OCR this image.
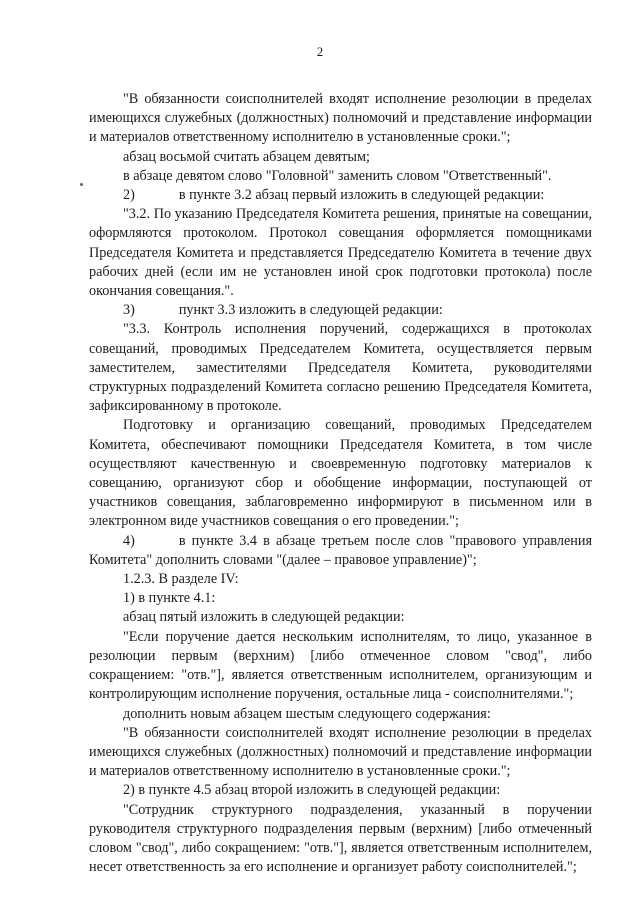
2

"В обязанности соисполнителей входят исполнение резолюции в пределах имеющихся служебных (должностных) полномочий и представление информации и материалов ответственному исполнителю в установленные сроки.";

абзац восьмой считать абзацем девятым;

в абзаце девятом слово "Головной" заменить словом "Ответственный".

2)	в пункте 3.2 абзац первый изложить в следующей редакции:

"3.2. По указанию Председателя Комитета решения, принятые на совещании, оформляются протоколом. Протокол совещания оформляется помощниками Председателя Комитета и представляется Председателю Комитета в течение двух рабочих дней (если им не установлен иной срок подготовки протокола) после окончания совещания.".

3)	пункт 3.3 изложить в следующей редакции:

"3.3. Контроль исполнения поручений, содержащихся в протоколах совещаний, проводимых Председателем Комитета, осуществляется первым заместителем, заместителями Председателя Комитета, руководителями структурных подразделений Комитета согласно решению Председателя Комитета, зафиксированному в протоколе.

Подготовку и организацию совещаний, проводимых Председателем Комитета, обеспечивают помощники Председателя Комитета, в том числе осуществляют качественную и своевременную подготовку материалов к совещанию, организуют сбор и обобщение информации, поступающей от участников совещания, заблаговременно информируют в письменном или в электронном виде участников совещания о его проведении.";

4)	в пункте 3.4 в абзаце третьем после слов "правового управления Комитета" дополнить словами "(далее – правовое управление)";

1.2.3. В разделе IV:

1) в пункте 4.1:

абзац пятый изложить в следующей редакции:

"Если поручение дается нескольким исполнителям, то лицо, указанное в резолюции первым (верхним) [либо отмеченное словом "свод", либо сокращением: "отв."], является ответственным исполнителем, организующим и контролирующим исполнение поручения, остальные лица - соисполнителями.";

дополнить новым абзацем шестым следующего содержания:

"В обязанности соисполнителей входят исполнение резолюции в пределах имеющихся служебных (должностных) полномочий и представление информации и материалов ответственному исполнителю в установленные сроки.";

2) в пункте 4.5 абзац второй изложить в следующей редакции:

"Сотрудник структурного подразделения, указанный в поручении руководителя структурного подразделения первым (верхним) [либо отмеченный словом "свод", либо сокращением: "отв."], является ответственным исполнителем, несет ответственность за его исполнение и организует работу соисполнителей.";
